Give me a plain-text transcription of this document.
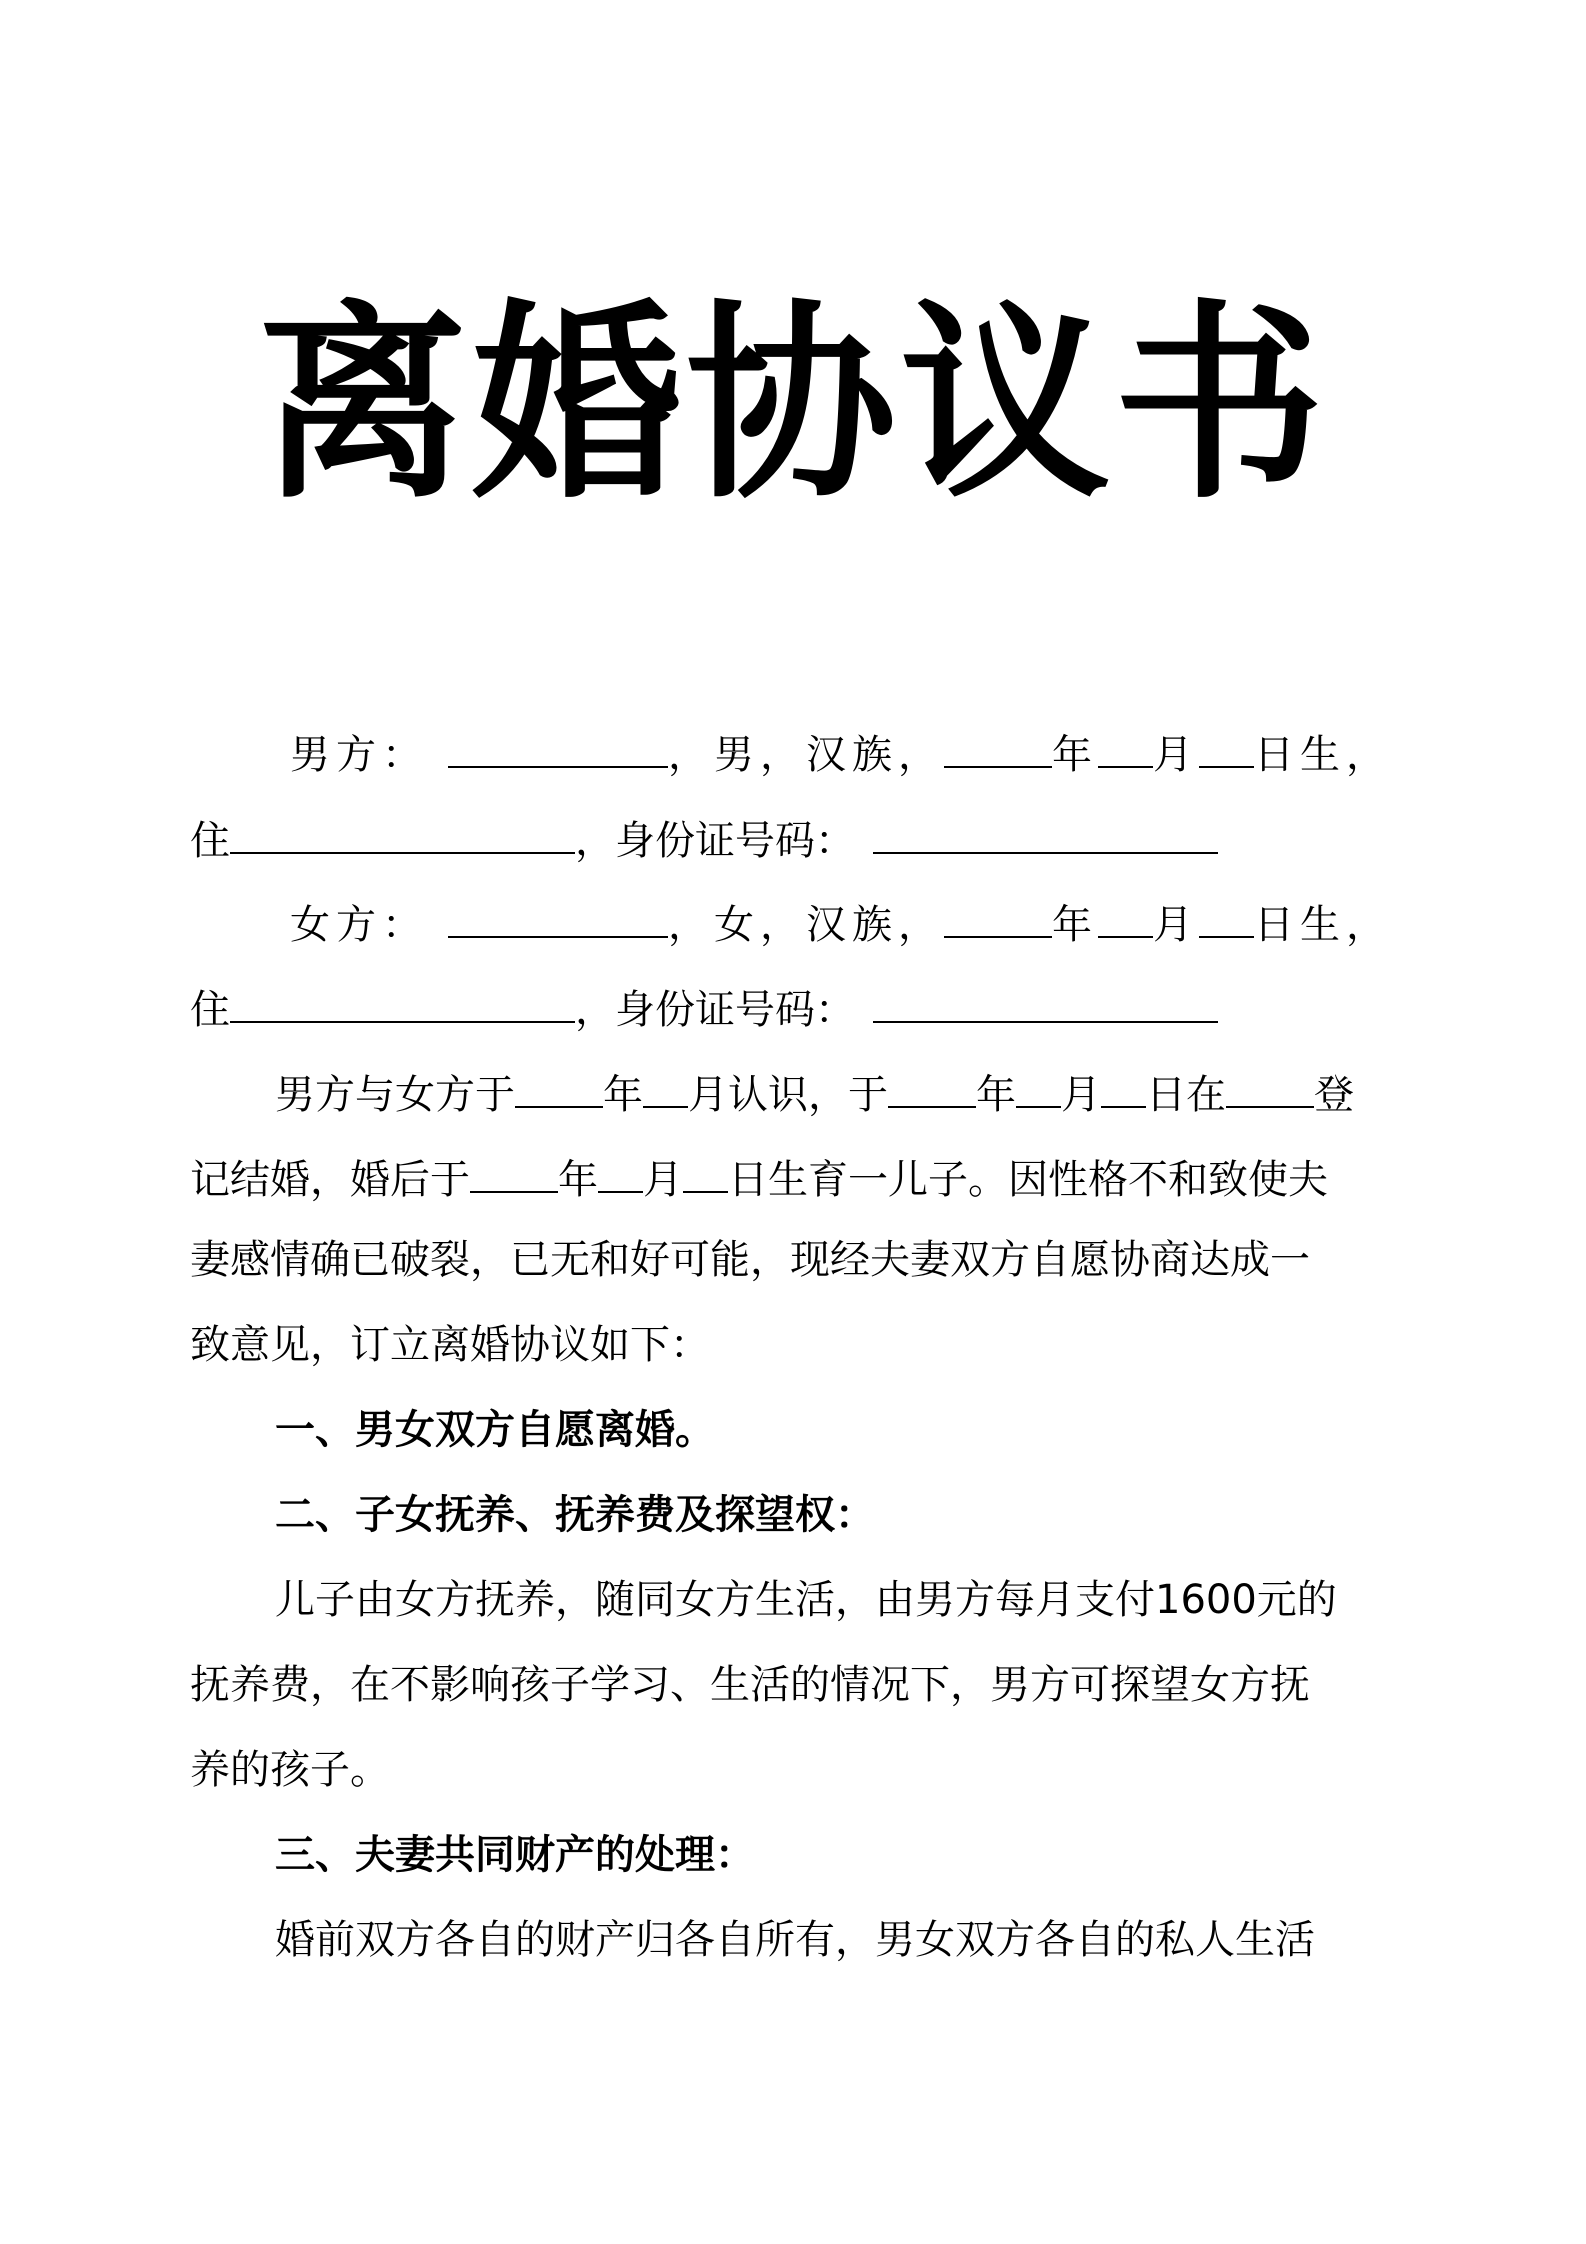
离婚协议书
男方：	，男，汉族，	年 月 日生，
住	，身份证号码：
女方：	，女，汉族，	年 月 日生，
住	，身份证号码：
男方与女方于 年 月认识，于 年 月 日在 登
记结婚，婚后于 年 月 日生育一儿子。因性格不和致使夫
妻感情确已破裂，已无和好可能，现经夫妻双方自愿协商达成一
致意见，订立离婚协议如下：
一、男女双方自愿离婚。
二、子女抚养、抚养费及探望权：
儿子由女方抚养，随同女方生活，由男方每月支付1600元的
抚养费，在不影响孩子学习、生活的情况下，男方可探望女方抚
养的孩子。
三、夫妻共同财产的处理：
婚前双方各自的财产归各自所有，男女双方各自的私人生活
